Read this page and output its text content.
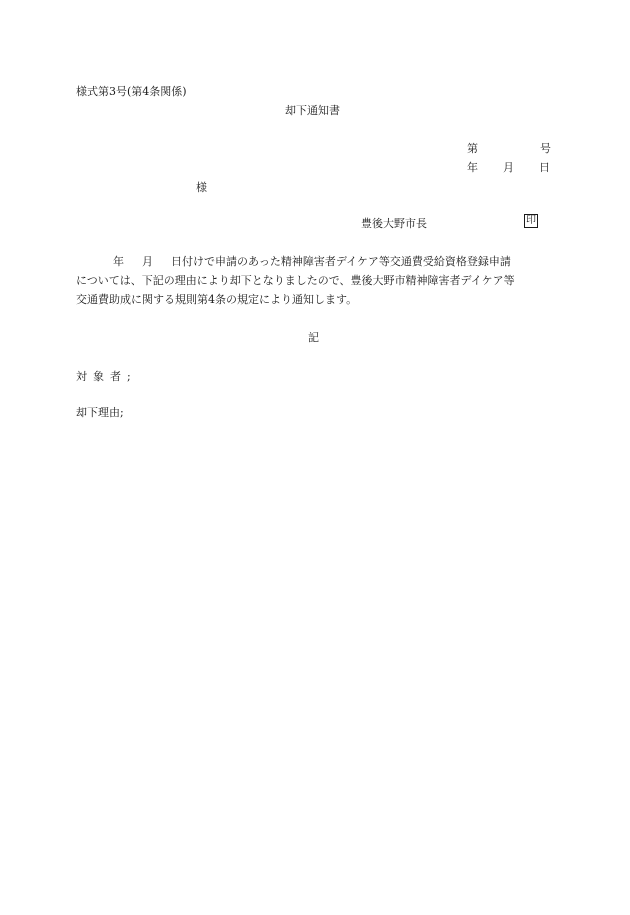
様式第3号(第4条関係)
却下通知書
第	号
年 月 日
様
豊後大野市長	印
年 月 日付けで申請のあった精神障害者デイケア等交通費受給資格登録申請
については、下記の理由により却下となりましたので、豊後大野市精神障害者デイケア等
交通費助成に関する規則第4条の規定により通知します。
記
対象者;
却下理由;
